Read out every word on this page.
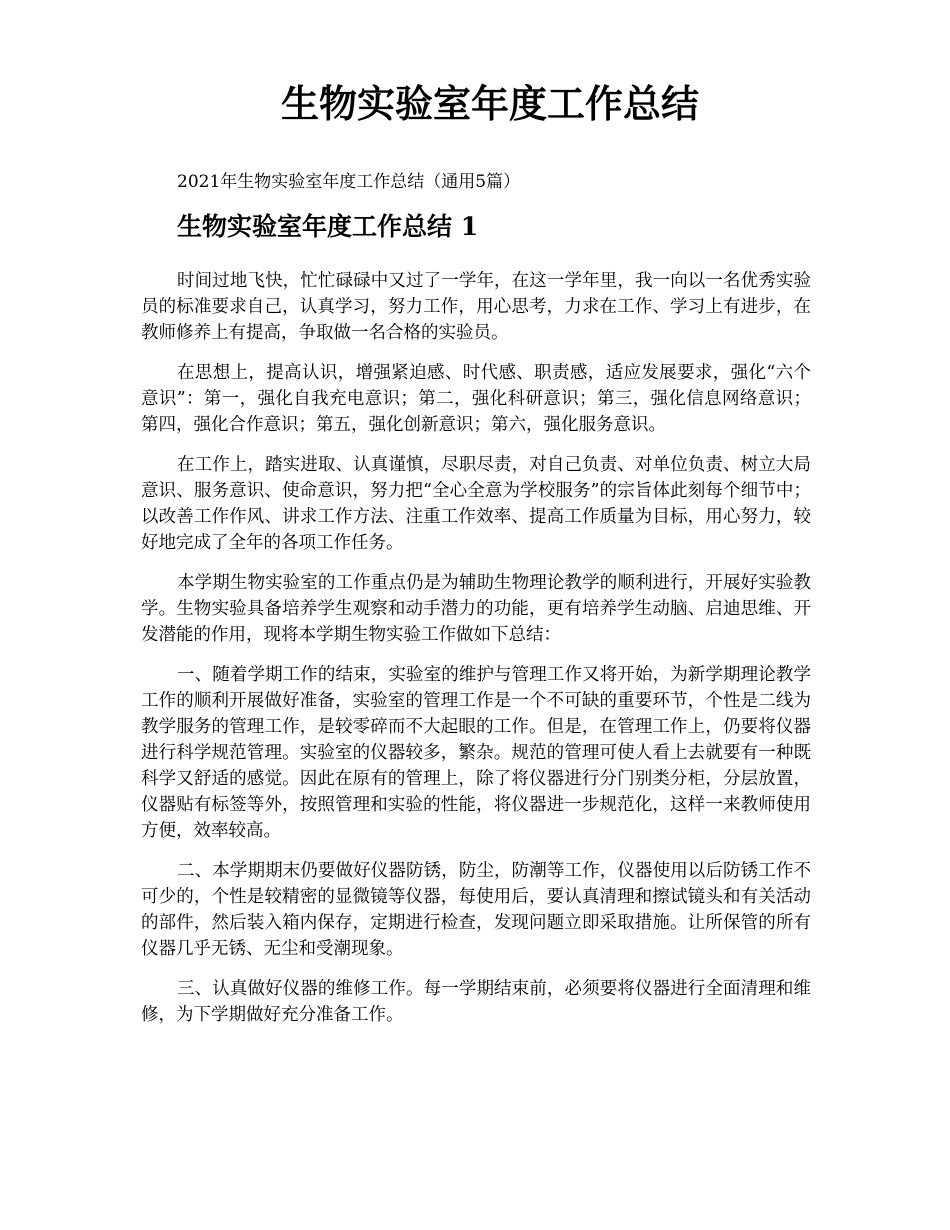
生物实验室年度工作总结

2021年生物实验室年度工作总结（通用5篇）

生物实验室年度工作总结 1

时间过地飞快，忙忙碌碌中又过了一学年，在这一学年里，我一向以一名优秀实验员的标准要求自己，认真学习，努力工作，用心思考，力求在工作、学习上有进步，在教师修养上有提高，争取做一名合格的实验员。

在思想上，提高认识，增强紧迫感、时代感、职责感，适应发展要求，强化“六个意识”：第一，强化自我充电意识；第二，强化科研意识；第三，强化信息网络意识；第四，强化合作意识；第五，强化创新意识；第六，强化服务意识。

在工作上，踏实进取、认真谨慎，尽职尽责，对自己负责、对单位负责、树立大局意识、服务意识、使命意识，努力把“全心全意为学校服务”的宗旨体此刻每个细节中；以改善工作作风、讲求工作方法、注重工作效率、提高工作质量为目标，用心努力，较好地完成了全年的各项工作任务。

本学期生物实验室的工作重点仍是为辅助生物理论教学的顺利进行，开展好实验教学。生物实验具备培养学生观察和动手潜力的功能，更有培养学生动脑、启迪思维、开发潜能的作用，现将本学期生物实验工作做如下总结：

一、随着学期工作的结束，实验室的维护与管理工作又将开始，为新学期理论教学工作的顺利开展做好准备，实验室的管理工作是一个不可缺的重要环节，个性是二线为教学服务的管理工作，是较零碎而不大起眼的工作。但是，在管理工作上，仍要将仪器进行科学规范管理。实验室的仪器较多，繁杂。规范的管理可使人看上去就要有一种既科学又舒适的感觉。因此在原有的管理上，除了将仪器进行分门别类分柜，分层放置，仪器贴有标签等外，按照管理和实验的性能，将仪器进一步规范化，这样一来教师使用方便，效率较高。

二、本学期期末仍要做好仪器防锈，防尘，防潮等工作，仪器使用以后防锈工作不可少的，个性是较精密的显微镜等仪器，每使用后，要认真清理和擦试镜头和有关活动的部件，然后装入箱内保存，定期进行检查，发现问题立即采取措施。让所保管的所有仪器几乎无锈、无尘和受潮现象。

三、认真做好仪器的维修工作。每一学期结束前，必须要将仪器进行全面清理和维修，为下学期做好充分准备工作。
